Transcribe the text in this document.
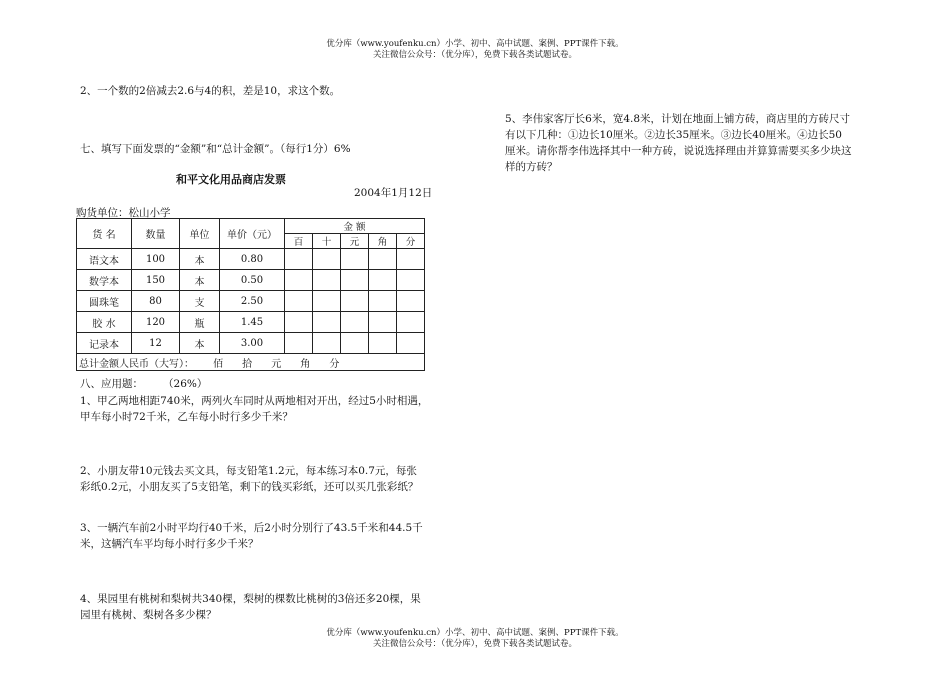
优分库（www.youfenku.cn）小学、初中、高中试题、案例、PPT课件下载。
关注微信公众号：（优分库），免费下载各类试题试卷。
2、一个数的2倍减去2.6与4的积，差是10，求这个数。
七、填写下面发票的“金额”和“总计金额”。（每行1分）6%
和平文化用品商店发票
2004年1月12日
购货单位：松山小学
货 名	数量	单位	单价（元）	金 额				
				百	十	元	角	分
语文本	100	本	0.80					
数学本	150	本	0.50					
圆珠笔	80	支	2.50					
胶 水	120	瓶	1.45					
记录本	12	本	3.00					
总计金额人民币（大写）：      佰      拾      元      角      分								
八、应用题：      （26%）
1、甲乙两地相距740米，两列火车同时从两地相对开出，经过5小时相遇，
甲车每小时72千米，乙车每小时行多少千米？
2、小朋友带10元钱去买文具，每支铅笔1.2元，每本练习本0.7元，每张
彩纸0.2元，小朋友买了5支铅笔，剩下的钱买彩纸，还可以买几张彩纸？
3、一辆汽车前2小时平均行40千米，后2小时分别行了43.5千米和44.5千
米，这辆汽车平均每小时行多少千米？
4、果园里有桃树和梨树共340棵，梨树的棵数比桃树的3倍还多20棵，果
园里有桃树、梨树各多少棵？
5、李伟家客厅长6米，宽4.8米，计划在地面上铺方砖，商店里的方砖尺寸
有以下几种：①边长10厘米。②边长35厘米。③边长40厘米。④边长50
厘米。请你帮李伟选择其中一种方砖，说说选择理由并算算需要买多少块这
样的方砖？
优分库（www.youfenku.cn）小学、初中、高中试题、案例、PPT课件下载。
关注微信公众号：（优分库），免费下载各类试题试卷。
